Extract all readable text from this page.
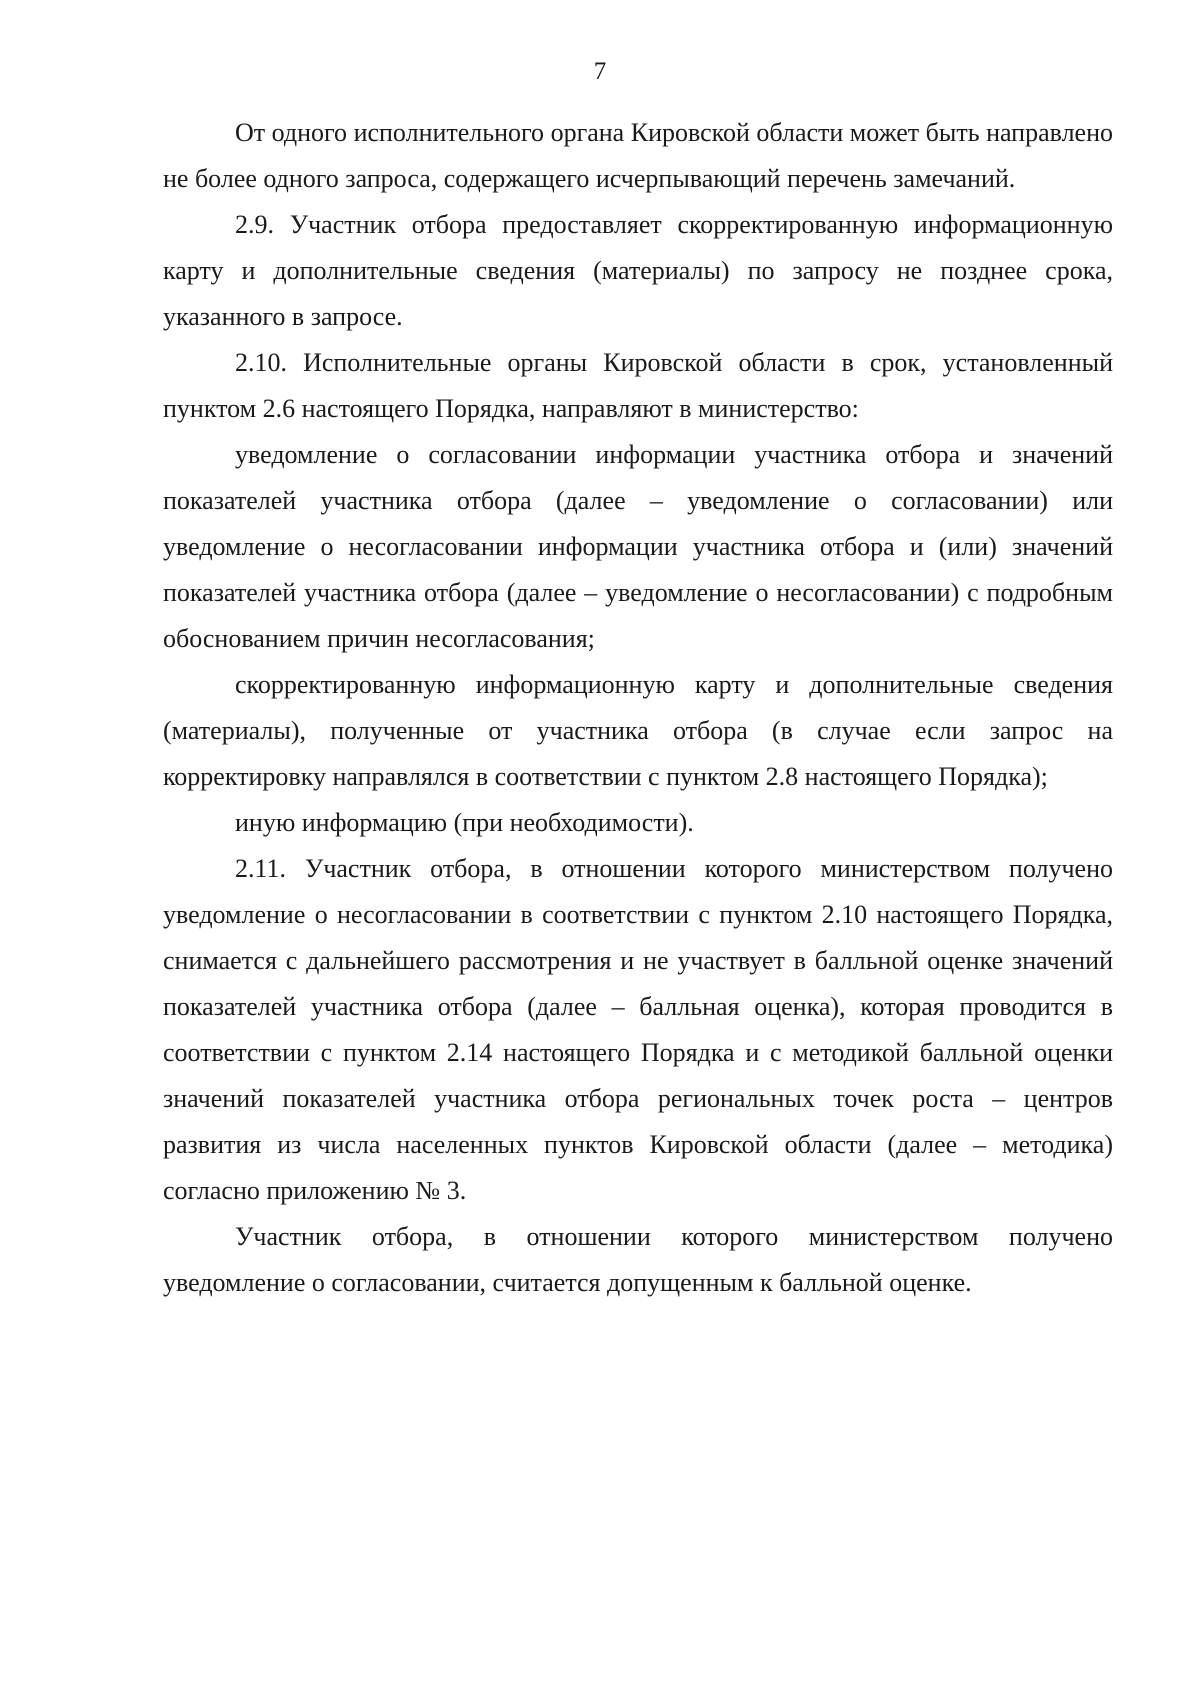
7

От одного исполнительного органа Кировской области может быть направлено не более одного запроса, содержащего исчерпывающий перечень замечаний.

2.9. Участник отбора предоставляет скорректированную информационную карту и дополнительные сведения (материалы) по запросу не позднее срока, указанного в запросе.

2.10. Исполнительные органы Кировской области в срок, установленный пунктом 2.6 настоящего Порядка, направляют в министерство:

уведомление о согласовании информации участника отбора и значений показателей участника отбора (далее – уведомление о согласовании) или уведомление о несогласовании информации участника отбора и (или) значений показателей участника отбора (далее – уведомление о несогласовании) с подробным обоснованием причин несогласования;

скорректированную информационную карту и дополнительные сведения (материалы), полученные от участника отбора (в случае если запрос на корректировку направлялся в соответствии с пунктом 2.8 настоящего Порядка);

иную информацию (при необходимости).

2.11. Участник отбора, в отношении которого министерством получено уведомление о несогласовании в соответствии с пунктом 2.10 настоящего Порядка, снимается с дальнейшего рассмотрения и не участвует в балльной оценке значений показателей участника отбора (далее – балльная оценка), которая проводится в соответствии с пунктом 2.14 настоящего Порядка и с методикой балльной оценки значений показателей участника отбора региональных точек роста – центров развития из числа населенных пунктов Кировской области (далее – методика) согласно приложению № 3.

Участник отбора, в отношении которого министерством получено уведомление о согласовании, считается допущенным к балльной оценке.
